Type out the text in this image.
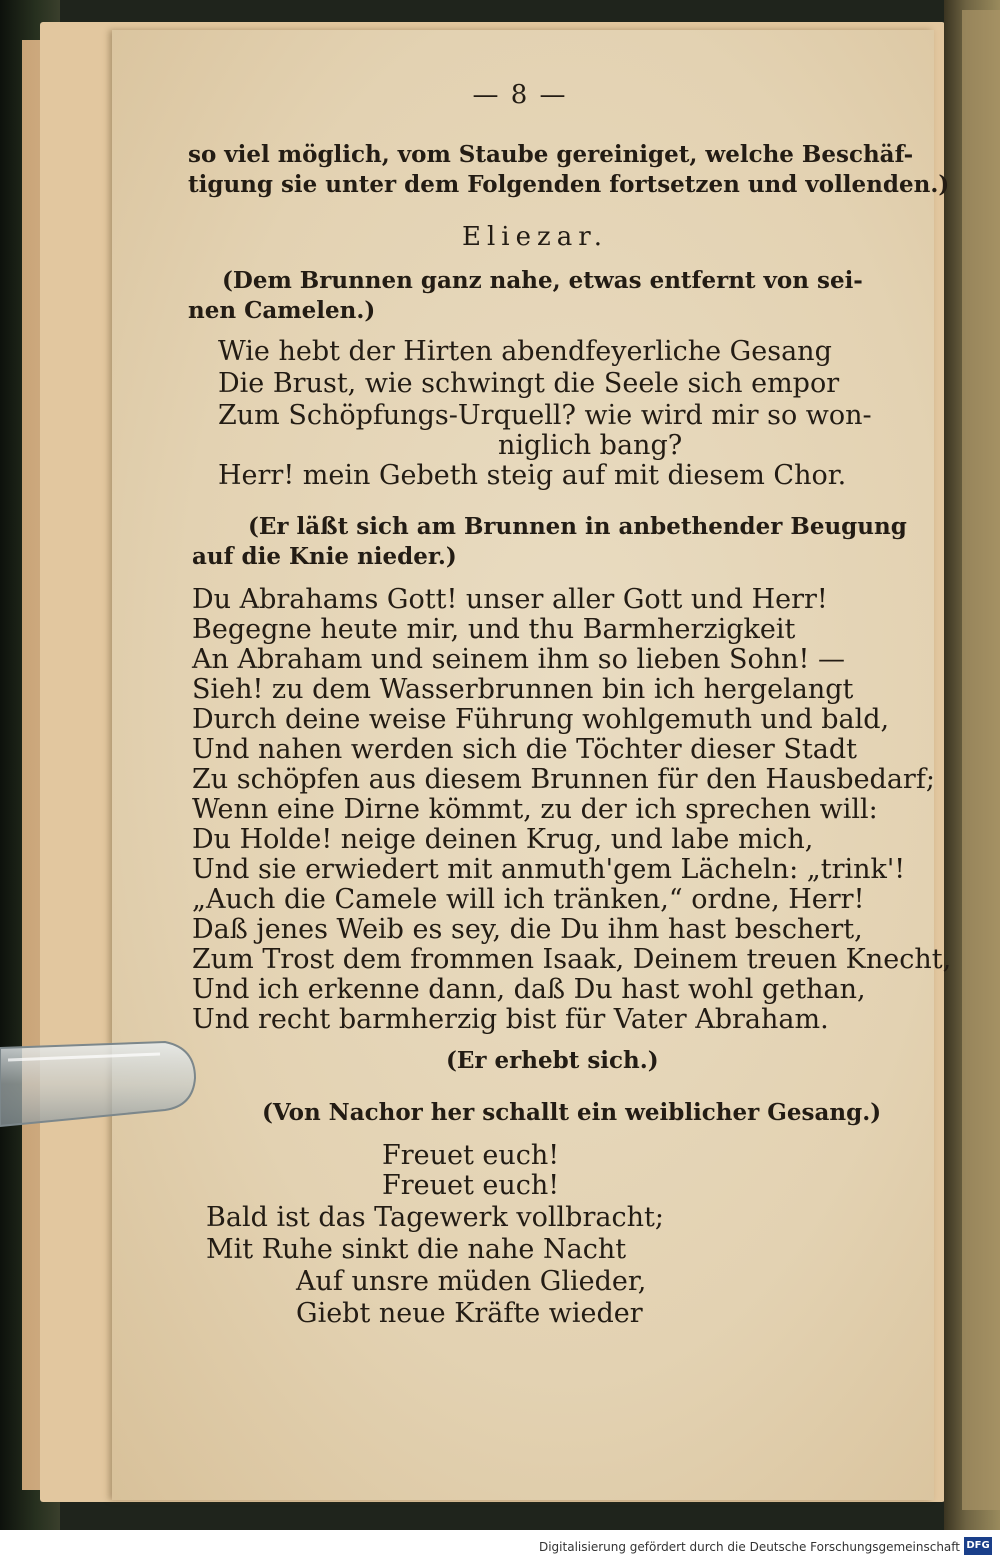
— 8 —
so viel möglich, vom Staube gereiniget, welche Beschäf-
tigung sie unter dem Folgenden fortsetzen und vollenden.)
Eliezar.
(Dem Brunnen ganz nahe, etwas entfernt von sei-
nen Camelen.)
Wie hebt der Hirten abendfeyerliche Gesang
Die Brust, wie schwingt die Seele sich empor
Zum Schöpfungs-Urquell? wie wird mir so won-
niglich bang?
Herr! mein Gebeth steig auf mit diesem Chor.
(Er läßt sich am Brunnen in anbethender Beugung
auf die Knie nieder.)
Du Abrahams Gott! unser aller Gott und Herr!
Begegne heute mir, und thu Barmherzigkeit
An Abraham und seinem ihm so lieben Sohn! —
Sieh! zu dem Wasserbrunnen bin ich hergelangt
Durch deine weise Führung wohlgemuth und bald,
Und nahen werden sich die Töchter dieser Stadt
Zu schöpfen aus diesem Brunnen für den Hausbedarf;
Wenn eine Dirne kömmt, zu der ich sprechen will:
Du Holde! neige deinen Krug, und labe mich,
Und sie erwiedert mit anmuth'gem Lächeln: „trink'!
„Auch die Camele will ich tränken,“ ordne, Herr!
Daß jenes Weib es sey, die Du ihm hast beschert,
Zum Trost dem frommen Isaak, Deinem treuen Knecht,
Und ich erkenne dann, daß Du hast wohl gethan,
Und recht barmherzig bist für Vater Abraham.
(Er erhebt sich.)
(Von Nachor her schallt ein weiblicher Gesang.)
Freuet euch!
Freuet euch!
Bald ist das Tagewerk vollbracht;
Mit Ruhe sinkt die nahe Nacht
Auf unsre müden Glieder,
Giebt neue Kräfte wieder
Digitalisierung gefördert durch die Deutsche Forschungsgemeinschaft DFG
